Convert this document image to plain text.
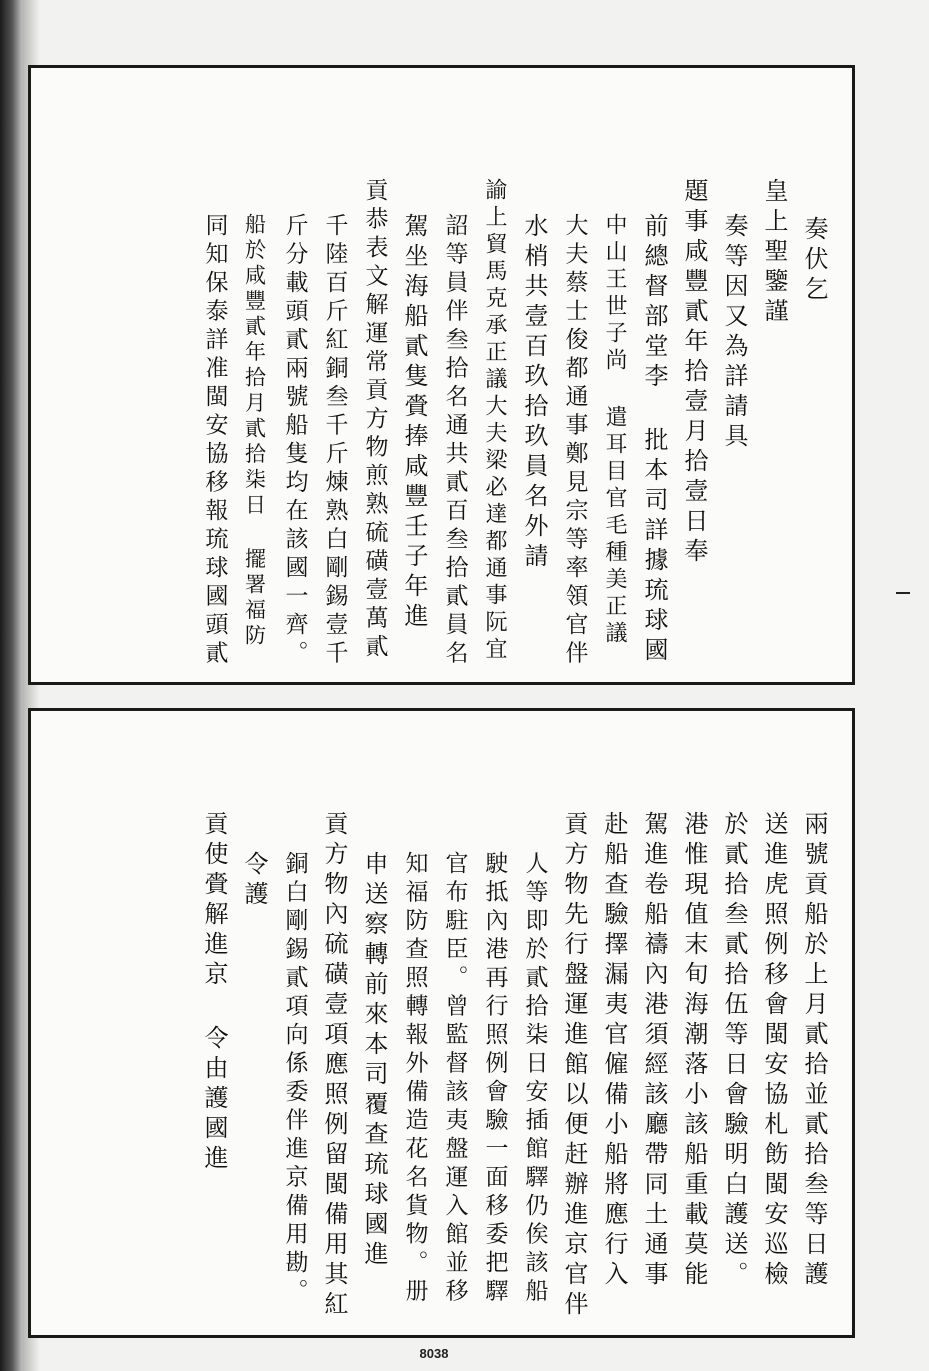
奏伏乞
皇上聖鑒謹
奏等因又為詳請具
題事咸豐貳年拾壹月拾壹日奉
前總督部堂李 批本司詳據琉球國
中山王世子尚 遣耳目官毛種美正議
大夫蔡士俊都通事鄭見宗等率領官伴
水梢共壹百玖拾玖員名外請
諭上貿馬克承正議大夫梁必達都通事阮宜
詔等員伴叁拾名通共貳百叁拾貳員名
駕坐海船貳隻賫捧咸豐壬子年進
貢恭表文解運常貢方物煎熟硫磺壹萬貳
千陸百斤紅銅叁千斤煉熟白剛錫壹千
斤分載頭貳兩號船隻均在該國一齊。
船於咸豐貳年拾月貳拾柒日 擺署福防
同知保泰詳准閩安協移報琉球國頭貳
兩號貢船於上月貳拾並貳拾叁等日護
送進虎照例移會閩安協札飭閩安巡檢
於貳拾叁貳拾伍等日會驗明白護送。
港惟現值末旬海潮落小該船重載莫能
駕進卷船禱內港須經該廳帶同土通事
赴船查驗擇漏夷官僱備小船將應行入
貢方物先行盤運進館以便赶辦進京官伴
人等即於貳拾柒日安插館驛仍俟該船
駛抵內港再行照例會驗一面移委把驛
官布駐臣。曾監督該夷盤運入館並移
知福防查照轉報外備造花名貨物。册
申送察轉前來本司覆查琉球國進
貢方物內硫磺壹項應照例留閩備用其紅
銅白剛錫貳項向係委伴進京備用勘。
令護
貢使賫解進京 令由護國進
8038
